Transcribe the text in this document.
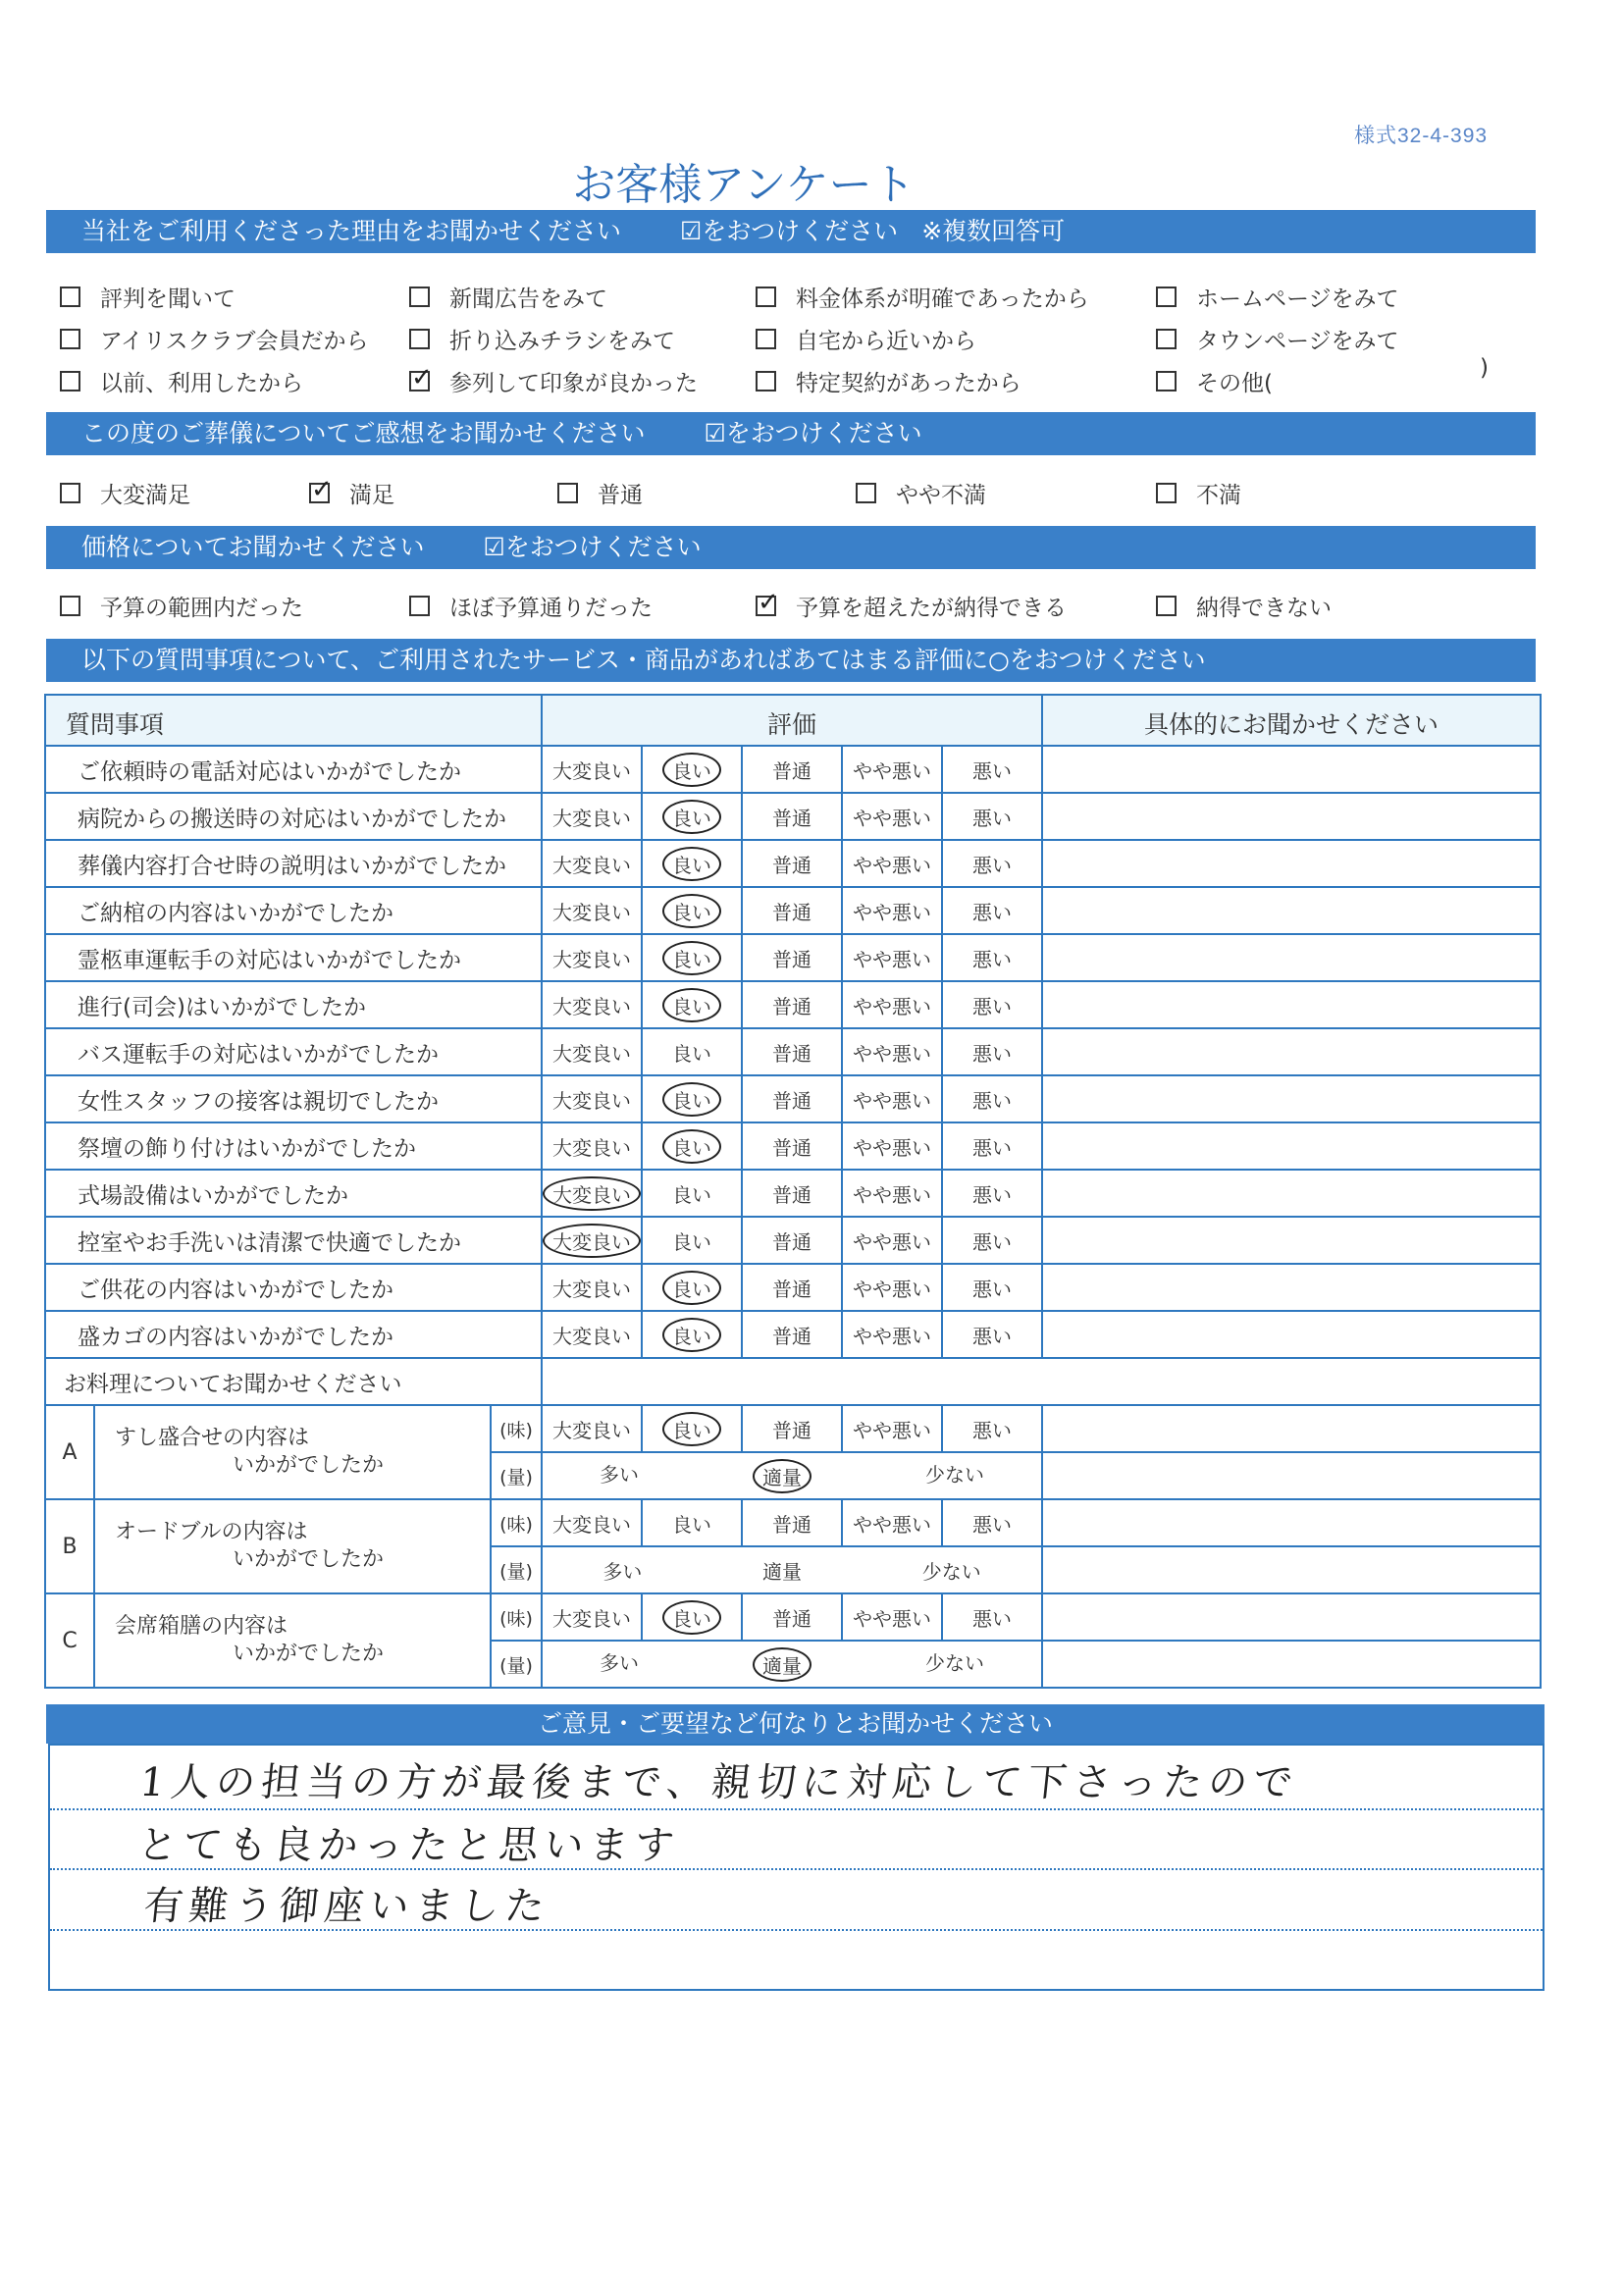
様式32-4-393
お客様アンケート
当社をご利用くださった理由をお聞かせください ☑をおつけください ※複数回答可
評判を聞いて	新聞広告をみて	料金体系が明確であったから	ホームページをみて
アイリスクラブ会員だから	折り込みチラシをみて	自宅から近いから	タウンページをみて
以前、利用したから ✓	参列して印象が良かった	特定契約があったから	その他(
)
この度のご葬儀についてご感想をお聞かせください ☑をおつけください
大変満足 ✓	満足	普通	やや不満	不満
価格についてお聞かせください ☑をおつけください
予算の範囲内だった	ほぼ予算通りだった ✓	予算を超えたが納得できる	納得できない
以下の質問事項について、ご利用されたサービス・商品があればあてはまる評価に○をおつけください
質問事項			評価					具体的にお聞かせください
ご依頼時の電話対応はいかがでしたか			大変良い	良い	普通	やや悪い	悪い	
病院からの搬送時の対応はいかがでしたか			大変良い	良い	普通	やや悪い	悪い	
葬儀内容打合せ時の説明はいかがでしたか			大変良い	良い	普通	やや悪い	悪い	
ご納棺の内容はいかがでしたか			大変良い	良い	普通	やや悪い	悪い	
霊柩車運転手の対応はいかがでしたか			大変良い	良い	普通	やや悪い	悪い	
進行(司会)はいかがでしたか			大変良い	良い	普通	やや悪い	悪い	
バス運転手の対応はいかがでしたか			大変良い	良い	普通	やや悪い	悪い	
女性スタッフの接客は親切でしたか			大変良い	良い	普通	やや悪い	悪い	
祭壇の飾り付けはいかがでしたか			大変良い	良い	普通	やや悪い	悪い	
式場設備はいかがでしたか			大変良い	良い	普通	やや悪い	悪い	
控室やお手洗いは清潔で快適でしたか			大変良い	良い	普通	やや悪い	悪い	
ご供花の内容はいかがでしたか			大変良い	良い	普通	やや悪い	悪い	
盛カゴの内容はいかがでしたか			大変良い	良い	普通	やや悪い	悪い	
お料理についてお聞かせください								
A	すし盛合せの内容は
いかがでしたか	(味)	大変良い	良い	普通	やや悪い	悪い	
		(量)	多い 適量 少ない					

B	オードブルの内容は
いかがでしたか	(味)	大変良い	良い	普通	やや悪い	悪い	
		(量)	多い 適量 少ない					

C	会席箱膳の内容は
いかがでしたか	(味)	大変良い	良い	普通	やや悪い	悪い	
		(量)	多い 適量 少ない					

ご意見・ご要望など何なりとお聞かせください
1人の担当の方が最後まで、親切に対応して下さったので
とても良かったと思います
有難う御座いました
